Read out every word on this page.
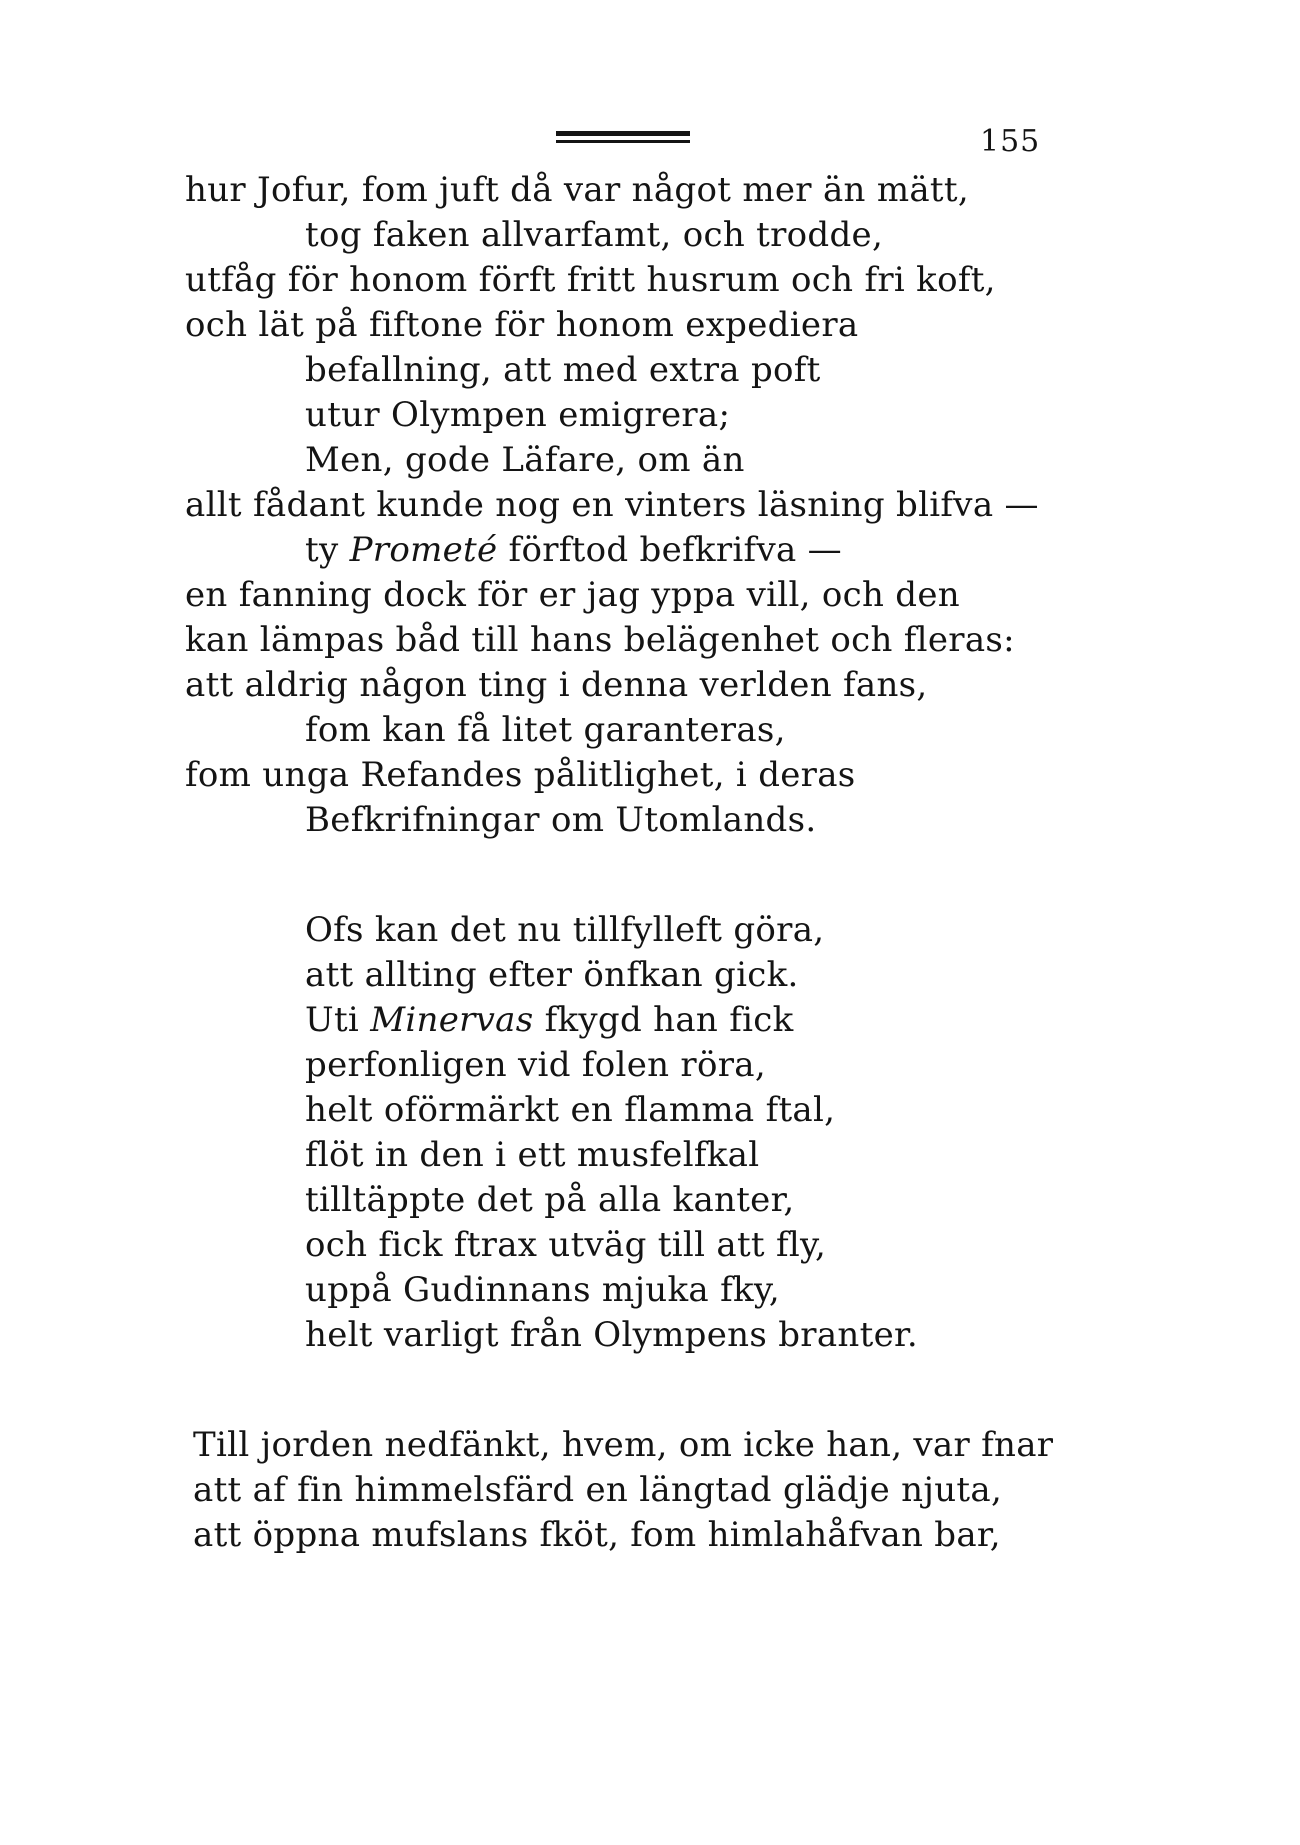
155
hur Jofur, fom juft då var något mer än mätt,
tog faken allvarfamt, och trodde,
utfåg för honom förft fritt husrum och fri koft,
och lät på fiftone för honom expediera
befallning, att med extra poft
utur Olympen emigrera;
Men, gode Läfare, om än
allt fådant kunde nog en vinters läsning blifva —
ty Prometé förftod befkrifva —
en fanning dock för er jag yppa vill, och den
kan lämpas båd till hans belägenhet och fleras:
att aldrig någon ting i denna verlden fans,
fom kan få litet garanteras,
fom unga Refandes pålitlighet, i deras
Befkrifningar om Utomlands.
Ofs kan det nu tillfylleft göra,
att allting efter önfkan gick.
Uti Minervas fkygd han fick
perfonligen vid folen röra,
helt oförmärkt en flamma ftal,
flöt in den i ett musfelfkal
tilltäppte det på alla kanter,
och fick ftrax utväg till att fly,
uppå Gudinnans mjuka fky,
helt varligt från Olympens branter.
Till jorden nedfänkt, hvem, om icke han, var fnar
att af fin himmelsfärd en längtad glädje njuta,
att öppna mufslans fköt, fom himlahåfvan bar,
